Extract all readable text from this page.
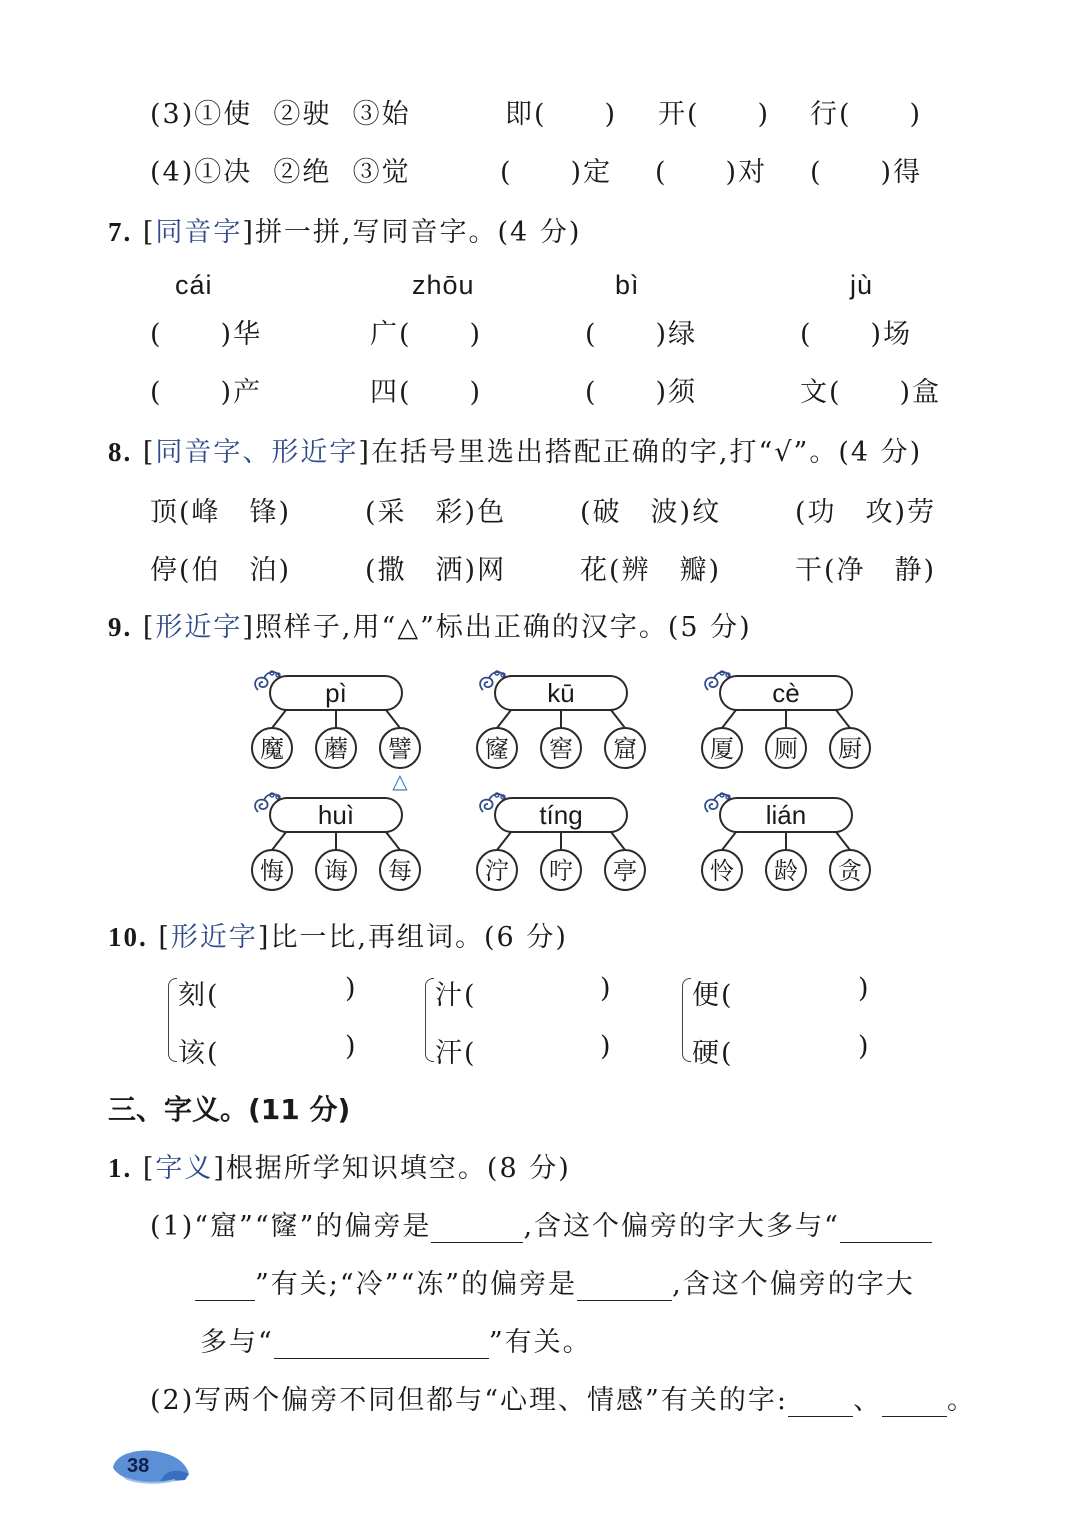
(3)①使  ②驶  ③始	即(　　) 开(　　) 行(　　)
(4)①决  ②绝  ③觉	(　　)定 (　　)对 (　　)得
7. [同音字]拼一拼,写同音字。(4 分)
cái	zhōu	bì	jù
(　　)华	广(　　)	(　　)绿	(　　)场
(　　)产	四(　　)	(　　)须	文(　　)盒
8. [同音字、形近字]在括号里选出搭配正确的字,打“√”。(4 分)
顶(峰　锋)	(采　彩)色	(破　波)纹	(功　攻)劳
停(伯　泊)	(撒　洒)网	花(辨　瓣)	干(净　静)
9. [形近字]照样子,用“△”标出正确的汉字。(5 分)
pì
魔 蘑 譬
△
kū
窿 窖 窟
cè
厦 厕 厨
huì
悔 诲 每
tíng
泞 咛 亭
lián
怜 龄 贪
10. [形近字]比一比,再组词。(6 分)
刻(	)
该(	)
汁(	)
汗(	)
便(	)
硬(	)
三、字义。(11 分)
1. [字义]根据所学知识填空。(8 分)
(1)“窟”“窿”的偏旁是	,含这个偏旁的字大多与“
”有关;“冷”“冻”的偏旁是	,含这个偏旁的字大
多与“	”有关。
(2)写两个偏旁不同但都与“心理、情感”有关的字: 、 。
38
